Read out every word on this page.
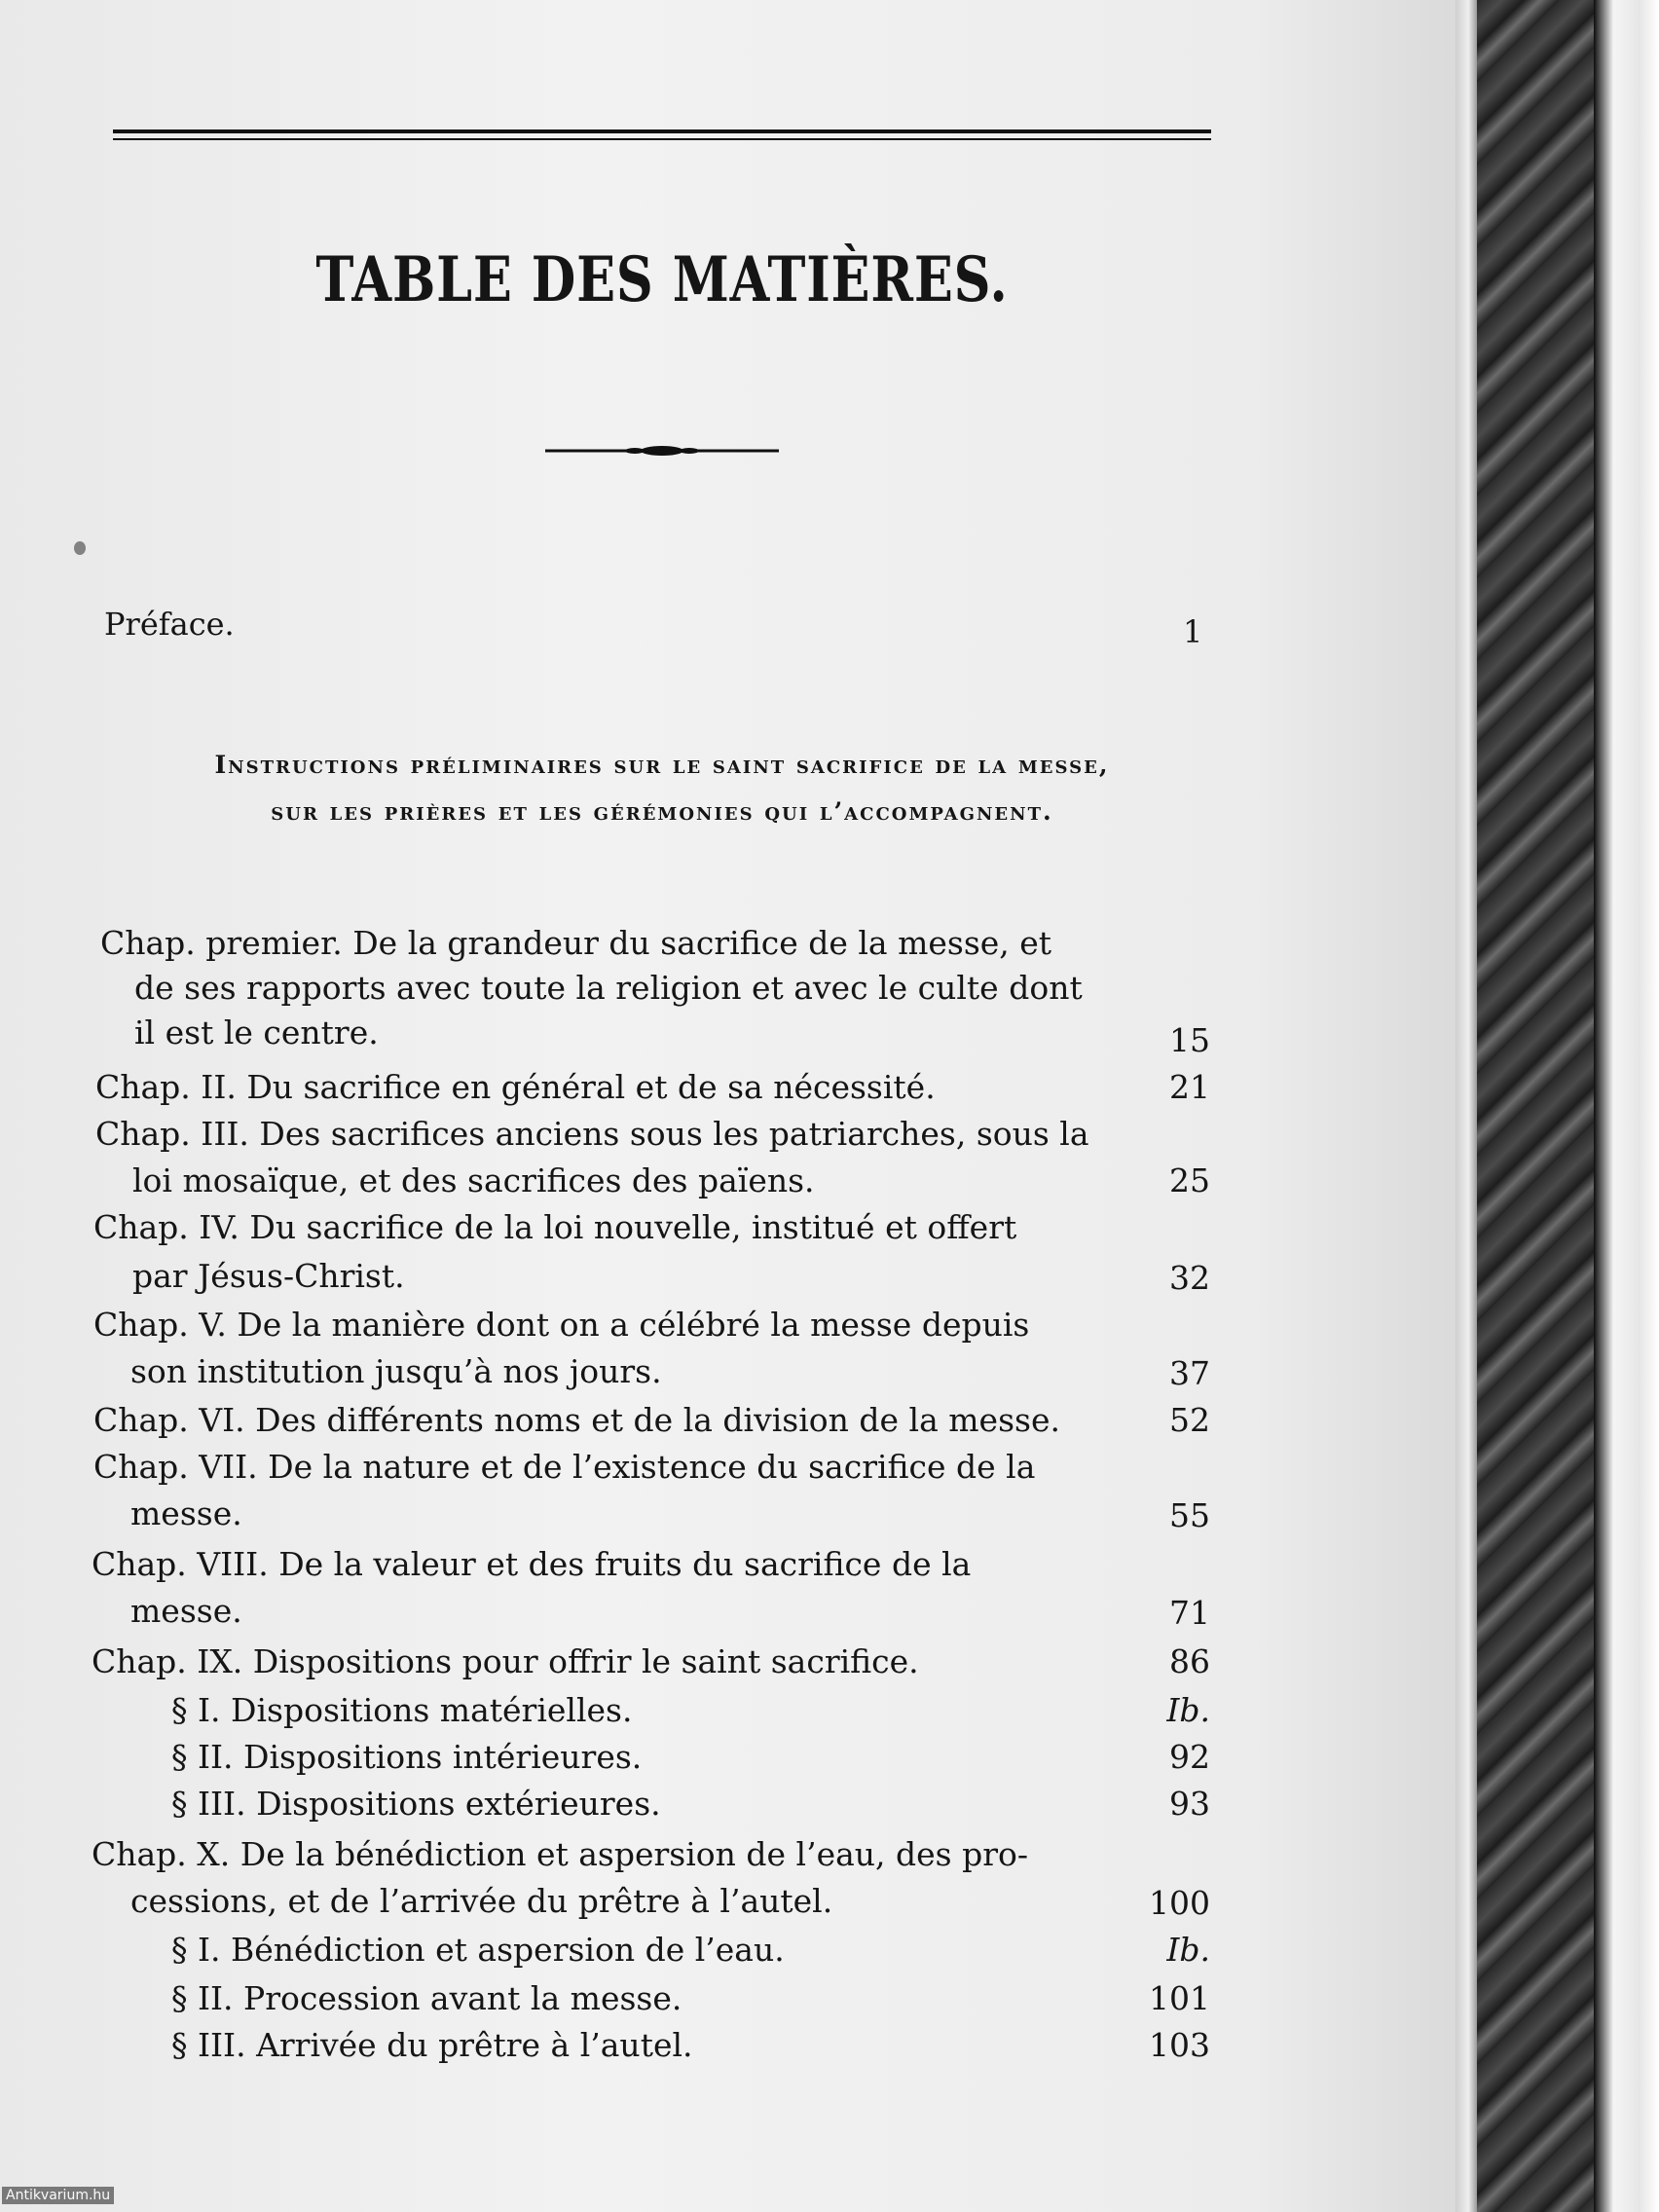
TABLE DES MATIÈRES.
Préface.	1
Instructions préliminaires sur le saint sacrifice de la messe,
sur les prières et les gérémonies qui l’accompagnent.
Chap. premier. De la grandeur du sacrifice de la messe, et
de ses rapports avec toute la religion et avec le culte dont
il est le centre.	15
Chap. II. Du sacrifice en général et de sa nécessité.	21
Chap. III. Des sacrifices anciens sous les patriarches, sous la
loi mosaïque, et des sacrifices des païens.	25
Chap. IV. Du sacrifice de la loi nouvelle, institué et offert
par Jésus-Christ.	32
Chap. V. De la manière dont on a célébré la messe depuis
son institution jusqu’à nos jours.	37
Chap. VI. Des différents noms et de la division de la messe.	52
Chap. VII. De la nature et de l’existence du sacrifice de la
messe.	55
Chap. VIII. De la valeur et des fruits du sacrifice de la
messe.	71
Chap. IX. Dispositions pour offrir le saint sacrifice.	86
§ I. Dispositions matérielles.	Ib.
§ II. Dispositions intérieures.	92
§ III. Dispositions extérieures.	93
Chap. X. De la bénédiction et aspersion de l’eau, des pro-
cessions, et de l’arrivée du prêtre à l’autel.	100
§ I. Bénédiction et aspersion de l’eau.	Ib.
§ II. Procession avant la messe.	101
§ III. Arrivée du prêtre à l’autel.	103
Antikvarium.hu
